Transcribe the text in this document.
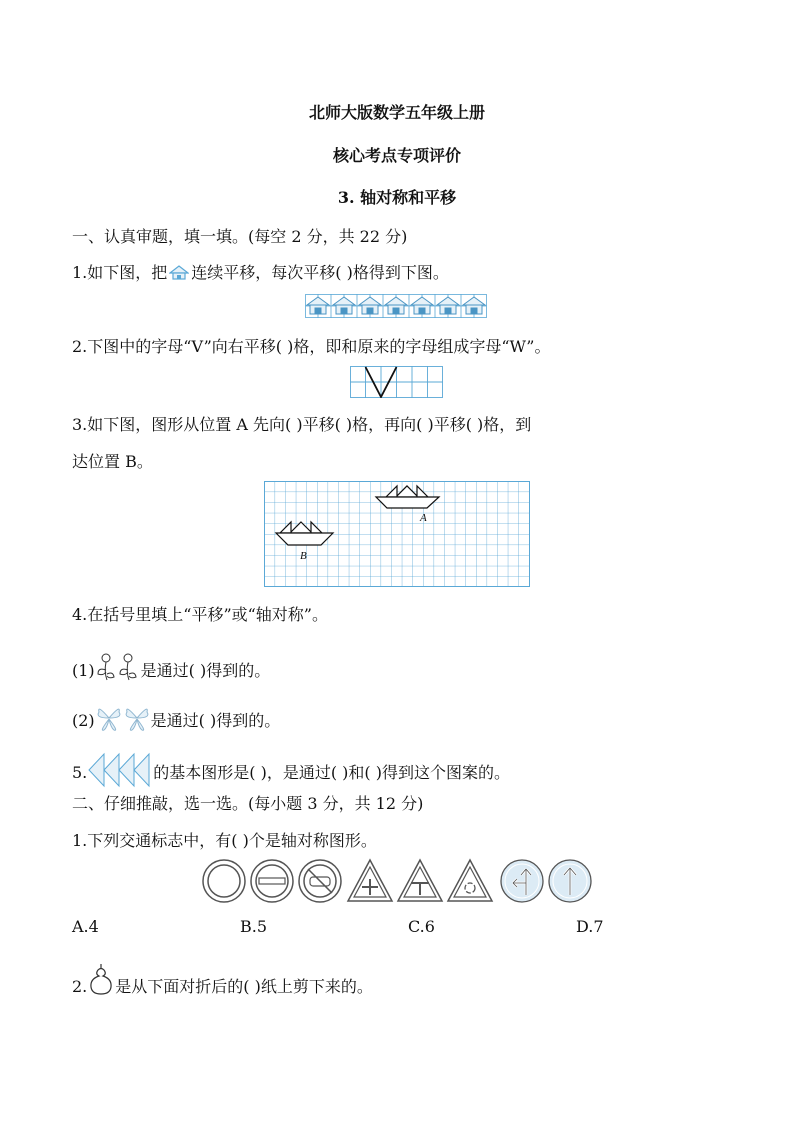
北师大版数学五年级上册
核心考点专项评价
3. 轴对称和平移
一、认真审题，填一填。(每空 2 分，共 22 分)
1.如下图，把 连续平移，每次平移( )格得到下图。
2.下图中的字母“V”向右平移( )格，即和原来的字母组成字母“W”。
3.如下图，图形从位置 A 先向( )平移( )格，再向( )平移( )格，到
达位置 B。
A
B
4.在括号里填上“平移”或“轴对称”。
(1)	是通过( )得到的。
(2)	是通过( )得到的。
5.	的基本图形是( )，是通过( )和( )得到这个图案的。
二、仔细推敲，选一选。(每小题 3 分，共 12 分)
1.下列交通标志中，有( )个是轴对称图形。
A.4	B.5	C.6	D.7
2. 是从下面对折后的( )纸上剪下来的。
